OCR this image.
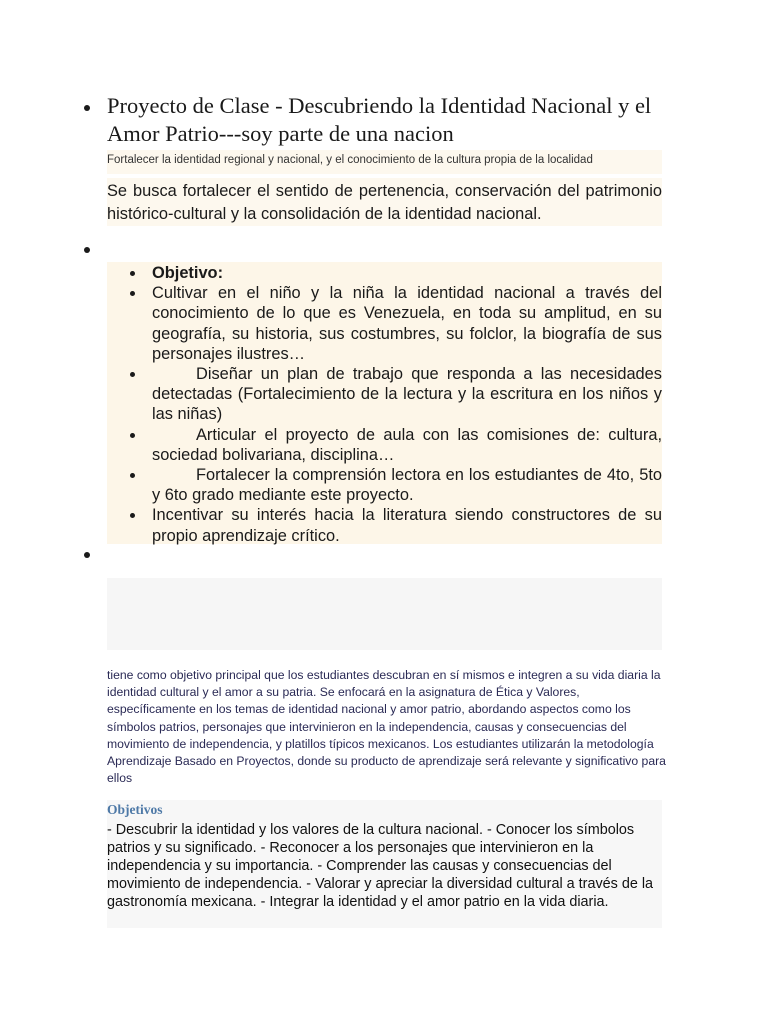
Proyecto de Clase - Descubriendo la Identidad Nacional y el Amor Patrio---soy parte de una nacion
Fortalecer la identidad regional y nacional, y el conocimiento de la cultura propia de la localidad
Se busca fortalecer el sentido de pertenencia, conservación del patrimonio histórico-cultural y la consolidación de la identidad nacional.
Objetivo:
Cultivar en el niño y la niña la identidad nacional a través del conocimiento de lo que es Venezuela, en toda su amplitud, en su geografía, su historia, sus costumbres, su folclor, la biografía de sus personajes ilustres…
Diseñar un plan de trabajo que responda a las necesidades detectadas (Fortalecimiento de la lectura y la escritura en los niños y las niñas)
Articular el proyecto de aula con las comisiones de: cultura, sociedad bolivariana, disciplina…
Fortalecer la comprensión lectora en los estudiantes de 4to, 5to y 6to grado mediante este proyecto.
Incentivar su interés hacia la literatura siendo constructores de su propio aprendizaje crítico.
tiene como objetivo principal que los estudiantes descubran en sí mismos e integren a su vida diaria la identidad cultural y el amor a su patria. Se enfocará en la asignatura de Ética y Valores, específicamente en los temas de identidad nacional y amor patrio, abordando aspectos como los símbolos patrios, personajes que intervinieron en la independencia, causas y consecuencias del movimiento de independencia, y platillos típicos mexicanos. Los estudiantes utilizarán la metodología Aprendizaje Basado en Proyectos, donde su producto de aprendizaje será relevante y significativo para ellos
Objetivos
- Descubrir la identidad y los valores de la cultura nacional. - Conocer los símbolos patrios y su significado. - Reconocer a los personajes que intervinieron en la independencia y su importancia. - Comprender las causas y consecuencias del movimiento de independencia. - Valorar y apreciar la diversidad cultural a través de la gastronomía mexicana. - Integrar la identidad y el amor patrio en la vida diaria.
